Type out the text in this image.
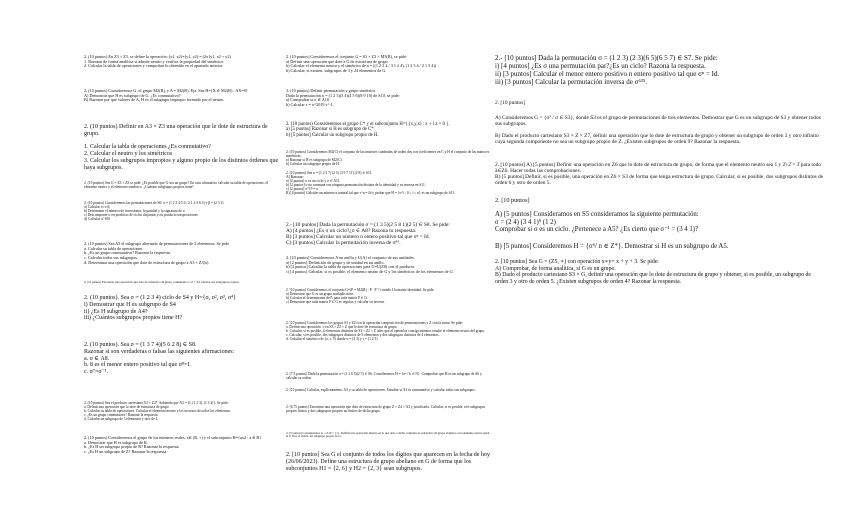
2. (10 puntos) En Z3 × Z3, se define la operación: (x1, x2)∗(y1, y2) = (2x1y1, x2 + y2)
1. Razonar de forma analítica si admite neutro y verifica la propiedad del simétrico.
2. Calcular la tabla de operaciones y comprobar lo obtenido en el apartado anterior.
2. (10 puntos) Consideremos G, el grupo M2(R), y A = M2(R). Eja. Sea H={X ∈ M2(R) : AX=0}
A) Demostrar que H es subgrupo de G. ¿Es conmutativo?
B) Razonar por qué valores de A, H es el subgrupo impropio formado por el neutro.
2. (10 puntos) Definir en A3 × Z3 una operación que le dote de estructura de grupo.

1. Calcular la tabla de operaciones ¿Es conmutativo?
2. Calcular el neutro y los simétricos
3. Calcular los subgrupos impropios y alguno propio de los distintos órdenes que haya subgrupos.
2. (10 puntos) Sea G = Z3 × Z3 se pide: ¿Es posible que G sea un grupo? En caso afirmativo calcular su tabla de operaciones, el elemento neutro y el elemento simétrico. ¿Cuántos subgrupos propios tiene?
2. (10 puntos) Consideremos las permutaciones de S6: σ = (1 2 3 4 5 6 / 2 1 4 5 6 3) y β = (2 3 1)
a) Calcular σ∘τ∘β
b) Determinar el número de inversiones, la paridad y la signatura de σ
c) Descomponer σ en producto de ciclos disjuntos y en producto trasposiciones
d) Calcular σ^100
2. (10 puntos) Sea A3 el subgrupo alternado de permutaciones de 3 elementos. Se pide
a. Calcular su tabla de operaciones.
b. ¿Es un grupo conmutativo? Razonar la respuesta.
c. Calcular todos sus subgrupos.
d. Determinar una operación que dote de estructura de grupo a A3 × Z3[x].
2. (10 puntos) Encontrar una operación que dote de estructura de grupo conmutativo a Z × Z4 calcular sus subgrupos propios.
2. (10 puntos). Sea σ = (1 2 3 4) ciclo de S4 y H={σ, σ², σ³, σ⁴}
i) Demostrar que H es subgrupo de S4
ii) ¿Es H subgrupo de A4?
iii) ¿Cuántos subgrupos propios tiene H?
2. (10 puntos). Sea σ = (1 3 7 4)(5 6 2 8) ∈ S8.
Razonar si son verdaderas o falsas las siguientes afirmaciones:
a. σ ∈ A8.
b. 8 es el menor entero positivo tal que σ⁸=I.
c. σ⁷=σ⁻¹.
2. (10 puntos) Sea el producto cartesiano A3 × Z4*. Sabiendo que A3 = {I, (1 2 3), (1 3 2)}. Se pide:
a. Definir una operación que lo dote de estructura de grupo
b. Calcular su tabla de operaciones. Calcular el elemento neutro y los inversos de todos los elementos.
c. ¿Es un grupo conmutativo? Razonar la respuesta.
d. Calcular un subgrupo de 3 elementos y otro de 2.
2. (10 puntos) Consideremos el grupo de los números reales, x∈ (R, +) y el subconjunto H={ax2 : a ∈ R}
a. Demostrar que H es subgrupo de R.
b. ¿Es H un subgrupo propio de R? Razonar la respuesta.
c. ¿Es H un subgrupo de Z? Razonar la respuesta.
2. (10 puntos) Consideremos el conjunto G = S3 × Z2 × M3(R), se pide:
a) Definir una operación que dote a G de estructura de grupo
b) Calcular el elemento neutro y el simétrico de a = ((1 2 3 4 / 3 1 2 4), (1 2 3 4 / 2 1 3 4))
b) Calcular, si existen, subgrupos de 3 y 24 elementos de G.
2. (10 puntos) Definir permutación y grupo simétrico.
Dada la permutación σ = (1 2 3)(3 4)(4 5 6)(8 9 10) de S10, se pide:
a) Comprobar si σ ∈ A10
b) Calcular τ = σ^2019 τ^-1.
2. (10 puntos) Consideremos el grupo C* y el subconjunto H={ (x,y,x) : x + i z = 0 }.
a) [5 puntos] Razonar si H es subgrupo de C*.
b) [5 puntos] Calcular un subgrupo propio de H.
2. (10 puntos) Consideremos M2(C) el conjunto de las matrices cuadradas de orden dos con coeficientes en C y H el conjunto de las matrices simétricas:
a) Razonar si H es subgrupo de M2(C).
b) Calcular un subgrupo propio de H.
2. (10 puntos) Sea σ = (1 2 3 7) (2 5) (3 9 7 11) (2 8) ∈ S11.
A) Razonar:
a) [2 puntos] σ es un ciclo y σ ∈ A11.
b) [2 puntos] σ no conmuta con ninguna permutación distinta de la identidad y su inversa en S11.
c) [2 puntos] σ^19 = σ
B) [4 puntos] Calcular un número n natural tal que τ^n = Id y probar que H = {σ^i : 0 ≤ i ≤ n} es un subgrupo de S11.
2.- [10 puntos] Dada la permutación σ = (1 3 5)(2 5 8 1)(2 5) ∈ S8. Se pide:
A) [4 puntos] ¿Es σ un ciclo?¿σ ∈ A8? Razona tu respuesta.
B) [3 puntos] Calcular un número n entero positivo tal que σⁿ = Id.
C) [3 puntos] Calcular la permutación inversa de σ⁸⁵.
2. [10 puntos] Consideremos A un anillo y U(A) el conjunto de sus unidades.
a) [2 puntos] Definición de grupo y de unidad en un anillo.
b) [4 puntos] Calcular la tabla de operaciones para G=U(Z8) con el producto.
c) [4 puntos] Calcular, si es posible, el elemento neutro de G y los simétricos de los elementos de G.
2. [10 puntos] Consideremos el conjunto G=(P = M2(R) · P · P⁻¹) siendo I la matriz identidad. Se pide:
a) Demostrar que G es un grupo multiplicativo.
b) Calcular el determinante de P, para toda matriz P ∈ G.
c) Demostrar que toda matriz P ∈ G es regular, y calcular su inversa.
2. [10 puntos] Consideremos los grupos S3 y Z2 con la operación composición de permutaciones y Z con la suma. Se pide:
a. Definir una operación ∗ en S3 × Z2 × Z que le dote de estructura de grupo.
b. Calcular, si es posible, 4 elementos distintos de S3 × Z2 × Z tales que al operarlos consigo mismos resulte el elemento neutro del grupo.
c. Calcular, si es posible, dos subgrupos distintos de 3 elementos y dos subgrupos distintos de 4 elementos.
d. Calcular el simétrico de (σ, τ, 5) donde σ = (2 3) y τ = (1 2 3)
2. [7.5 puntos] Dada la permutación σ = (1 2 6 3)(2 5) ∈ S6. Consideremos H = {σⁿ / k ∈ N}. Comprobar que H es un subgrupo de S6 y calcular su orden.
2. [10 puntos] Calcular, explícitamente, A3 y su tabla de operaciones. Estudiar si A3 es conmutativo y calcular todos sus subgrupos.
2. [6.75 puntos] Encontrar una operación que dote de estructura de grupo Z × Z4 × A3 y justificarlo. Calcular, si es posible, tres subgrupos propios finitos y dos subgrupos propios no finitos de dicho grupo.
2. [5 puntos] Consideremos G = Z10 × {1}. Definir una operación interna en G que dote a dicho conjunto de estructura de grupo abeliano con elemento neutro igual al 0. Dar, si existe, un subgrupo propio de G.
2. [10 puntos] Sea G el conjunto de todos los dígitos que aparecen en la fecha de hoy (26/06/2023). Define una estructura de grupo abeliano en G de forma que los subconjuntos H1 = {2, 6} y H2 = {2, 3} sean subgrupos.
2.- [10 puntos] Dada la permutación σ = (1 2 3) (2 3)(6 5)(6 5 7) ∈ S7. Se pide:
i) [4 puntos] ¿Es σ una permutación par?¿Es un ciclo? Razona la respuesta.
ii) [3 puntos] Calcular el menor entero positivo n entero positivo tal que σⁿ = Id.
iii) [3 puntos] Calcular la permutación inversa de σ⁶³⁵.
2. [10 puntos]
A) Consideremos G = {σ³ / σ ∈ S3}, donde S3 es el grupo de permutaciones de tres elementos. Demostrar que G es un subgrupo de S3 y obtener todos sus subgrupos.

B) Dado el producto cartesiano S3 × Z × Z7, definir una operación que lo dote de estructura de grupo y obtener un subgrupo de orden 3 y otro infinito cuya segunda componente no sea un subgrupo propio de Z. ¿Existen subgrupos de orden 9? Razonar la respuesta.
2. [10 puntos] A) [5 puntos] Definir una operación en Z6 que lo dote de estructura de grupo, de forma que el elemento neutro sea 1 y 2̄+2̄ = 3̄ para todo ā∈Z6. Hacer todas las comprobaciones.
B) [5 puntos] Definir, si es posible, una operación en Z6 × S3 de forma que tenga estructura de grupo. Calcular, si es posible, dos subgrupos distintos de orden 6 y otro de orden 5.
2. [10 puntos]
A) [5 puntos] Consideramos en S5 consideramos la siguiente permutación:
σ = (2 4) (3 4 1)⁹ (1 2)
Comprobar si σ es un ciclo. ¿Pertenece a A5? ¿Es cierto que σ⁻¹ = (3 4 1)?
B) [5 puntos] Consideremos H = {σ⁶/ n ∈ Z*}. Demostrar si H es un subgrupo de A5.
2. [10 puntos] Sea G = (Z5, ∗) con operación x∗y= x + y + 3. Se pide:
A) Comprobar, de forma analítica, si G es un grupo.
B) Dado el producto cartesiano S3 × G, definir una operación que lo dote de estructura de grupo y obtener, si es posible, un subgrupo de orden 3 y otro de orden 5. ¿Existen subgrupos de orden 4? Razonar la respuesta.
